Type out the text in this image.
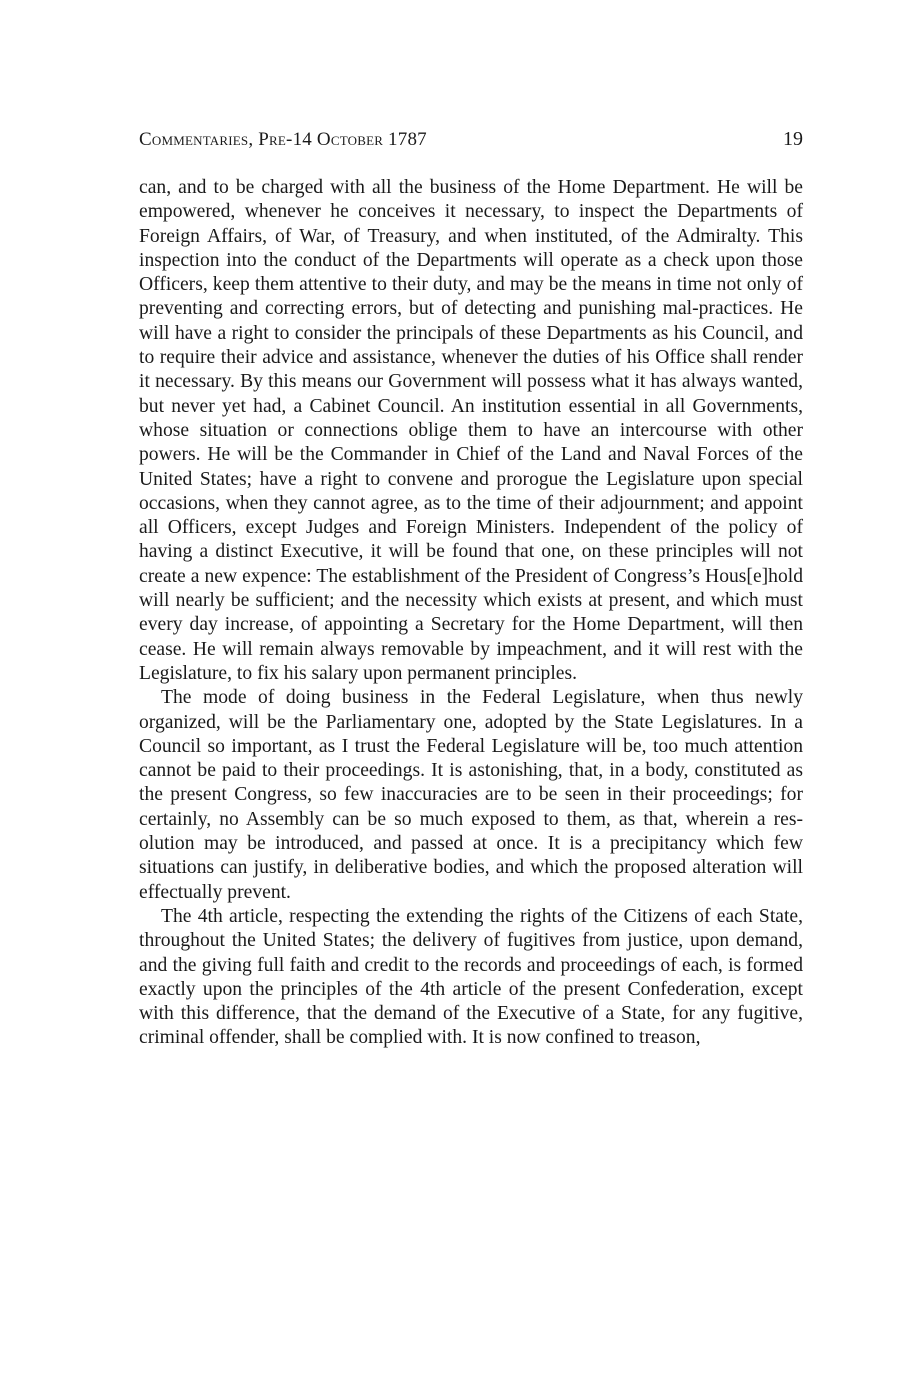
Commentaries, Pre-14 October 1787	19

can, and to be charged with all the business of the Home Department. He will be empowered, whenever he conceives it necessary, to inspect the Departments of Foreign Affairs, of War, of Treasury, and when instituted, of the Admiralty. This inspection into the conduct of the Departments will operate as a check upon those Officers, keep them attentive to their duty, and may be the means in time not only of preventing and correcting errors, but of detecting and punishing mal-practices. He will have a right to consider the principals of these Departments as his Council, and to require their advice and assistance, whenever the duties of his Office shall render it necessary. By this means our Government will possess what it has always wanted, but never yet had, a Cabinet Council. An institution essential in all Governments, whose situation or connections oblige them to have an intercourse with other powers. He will be the Commander in Chief of the Land and Naval Forces of the United States; have a right to convene and prorogue the Legislature upon special occasions, when they cannot agree, as to the time of their adjournment; and appoint all Officers, except Judges and Foreign Ministers. Independent of the policy of having a distinct Executive, it will be found that one, on these principles will not create a new expence: The establishment of the President of Congress’s Hous[e]hold will nearly be sufficient; and the necessity which exists at present, and which must every day increase, of appointing a Secretary for the Home Department, will then cease. He will remain always removable by impeachment, and it will rest with the Legislature, to fix his salary upon permanent principles.

The mode of doing business in the Federal Legislature, when thus newly organized, will be the Parliamentary one, adopted by the State Legislatures. In a Council so important, as I trust the Federal Legislature will be, too much attention cannot be paid to their proceedings. It is astonishing, that, in a body, constituted as the present Congress, so few inaccuracies are to be seen in their proceedings; for certainly, no Assembly can be so much exposed to them, as that, wherein a resolution may be introduced, and passed at once. It is a precipitancy which few situations can justify, in deliberative bodies, and which the proposed alteration will effectually prevent.

The 4th article, respecting the extending the rights of the Citizens of each State, throughout the United States; the delivery of fugitives from justice, upon demand, and the giving full faith and credit to the records and proceedings of each, is formed exactly upon the principles of the 4th article of the present Confederation, except with this difference, that the demand of the Executive of a State, for any fugitive, criminal offender, shall be complied with. It is now confined to treason,
